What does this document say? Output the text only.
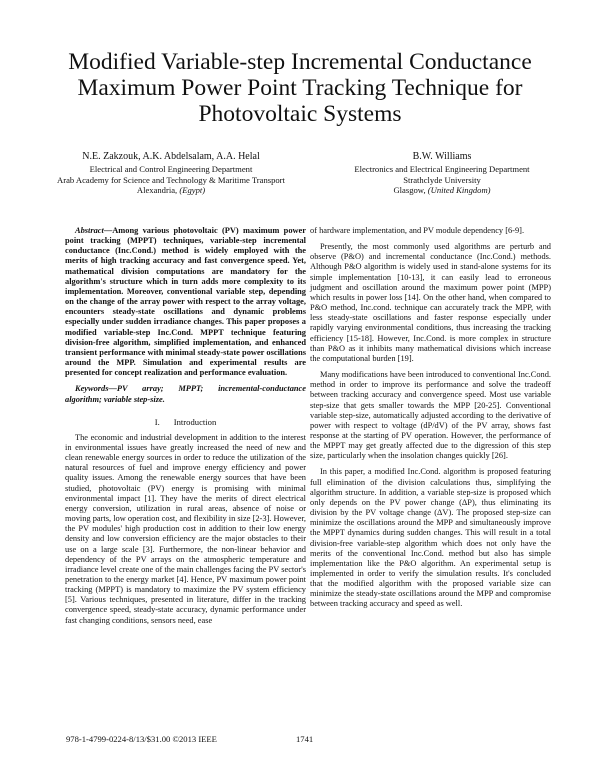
Modified Variable-step Incremental Conductance
Maximum Power Point Tracking Technique for
Photovoltaic Systems
N.E. Zakzouk, A.K. Abdelsalam, A.A. Helal
Electrical and Control Engineering Department
Arab Academy for Science and Technology & Maritime Transport
Alexandria, (Egypt)
B.W. Williams
Electronics and Electrical Engineering Department
Strathclyde University
Glasgow, (United Kingdom)

Abstract—Among various photovoltaic (PV) maximum power point tracking (MPPT) techniques, variable-step incremental conductance (Inc.Cond.) method is widely employed with the merits of high tracking accuracy and fast convergence speed. Yet, mathematical division computations are mandatory for the algorithm's structure which in turn adds more complexity to its implementation. Moreover, conventional variable step, depending on the change of the array power with respect to the array voltage, encounters steady-state oscillations and dynamic problems especially under sudden irradiance changes. This paper proposes a modified variable-step Inc.Cond. MPPT technique featuring division-free algorithm, simplified implementation, and enhanced transient performance with minimal steady-state power oscillations around the MPP. Simulation and experimental results are presented for concept realization and performance evaluation.

Keywords—PV array; MPPT; incremental-conductance algorithm; variable step-size.

I. Introduction

The economic and industrial development in addition to the interest in environmental issues have greatly increased the need of new and clean renewable energy sources in order to reduce the utilization of the natural resources of fuel and improve energy efficiency and power quality issues. Among the renewable energy sources that have been studied, photovoltaic (PV) energy is promising with minimal environmental impact [1]. They have the merits of direct electrical energy conversion, utilization in rural areas, absence of noise or moving parts, low operation cost, and flexibility in size [2-3]. However, the PV modules' high production cost in addition to their low energy density and low conversion efficiency are the major obstacles to their use on a large scale [3]. Furthermore, the non-linear behavior and dependency of the PV arrays on the atmospheric temperature and irradiance level create one of the main challenges facing the PV sector's penetration to the energy market [4]. Hence, PV maximum power point tracking (MPPT) is mandatory to maximize the PV system efficiency [5]. Various techniques, presented in literature, differ in the tracking convergence speed, steady-state accuracy, dynamic performance under fast changing conditions, sensors need, ease

of hardware implementation, and PV module dependency [6-9].

Presently, the most commonly used algorithms are perturb and observe (P&O) and incremental conductance (Inc.Cond.) methods. Although P&O algorithm is widely used in stand-alone systems for its simple implementation [10-13], it can easily lead to erroneous judgment and oscillation around the maximum power point (MPP) which results in power loss [14]. On the other hand, when compared to P&O method, Inc.cond. technique can accurately track the MPP, with less steady-state oscillations and faster response especially under rapidly varying environmental conditions, thus increasing the tracking efficiency [15-18]. However, Inc.Cond. is more complex in structure than P&O as it inhibits many mathematical divisions which increase the computational burden [19].

Many modifications have been introduced to conventional Inc.Cond. method in order to improve its performance and solve the tradeoff between tracking accuracy and convergence speed. Most use variable step-size that gets smaller towards the MPP [20-25]. Conventional variable step-size, automatically adjusted according to the derivative of power with respect to voltage (dP/dV) of the PV array, shows fast response at the starting of PV operation. However, the performance of the MPPT may get greatly affected due to the digression of this step size, particularly when the insolation changes quickly [26].

In this paper, a modified Inc.Cond. algorithm is proposed featuring full elimination of the division calculations thus, simplifying the algorithm structure. In addition, a variable step-size is proposed which only depends on the PV power change (ΔP), thus eliminating its division by the PV voltage change (ΔV). The proposed step-size can minimize the oscillations around the MPP and simultaneously improve the MPPT dynamics during sudden changes. This will result in a total division-free variable-step algorithm which does not only have the merits of the conventional Inc.Cond. method but also has simple implementation like the P&O algorithm. An experimental setup is implemented in order to verify the simulation results. It's concluded that the modified algorithm with the proposed variable size can minimize the steady-state oscillations around the MPP and compromise between tracking accuracy and speed as well.

978-1-4799-0224-8/13/$31.00 ©2013 IEEE	1741
